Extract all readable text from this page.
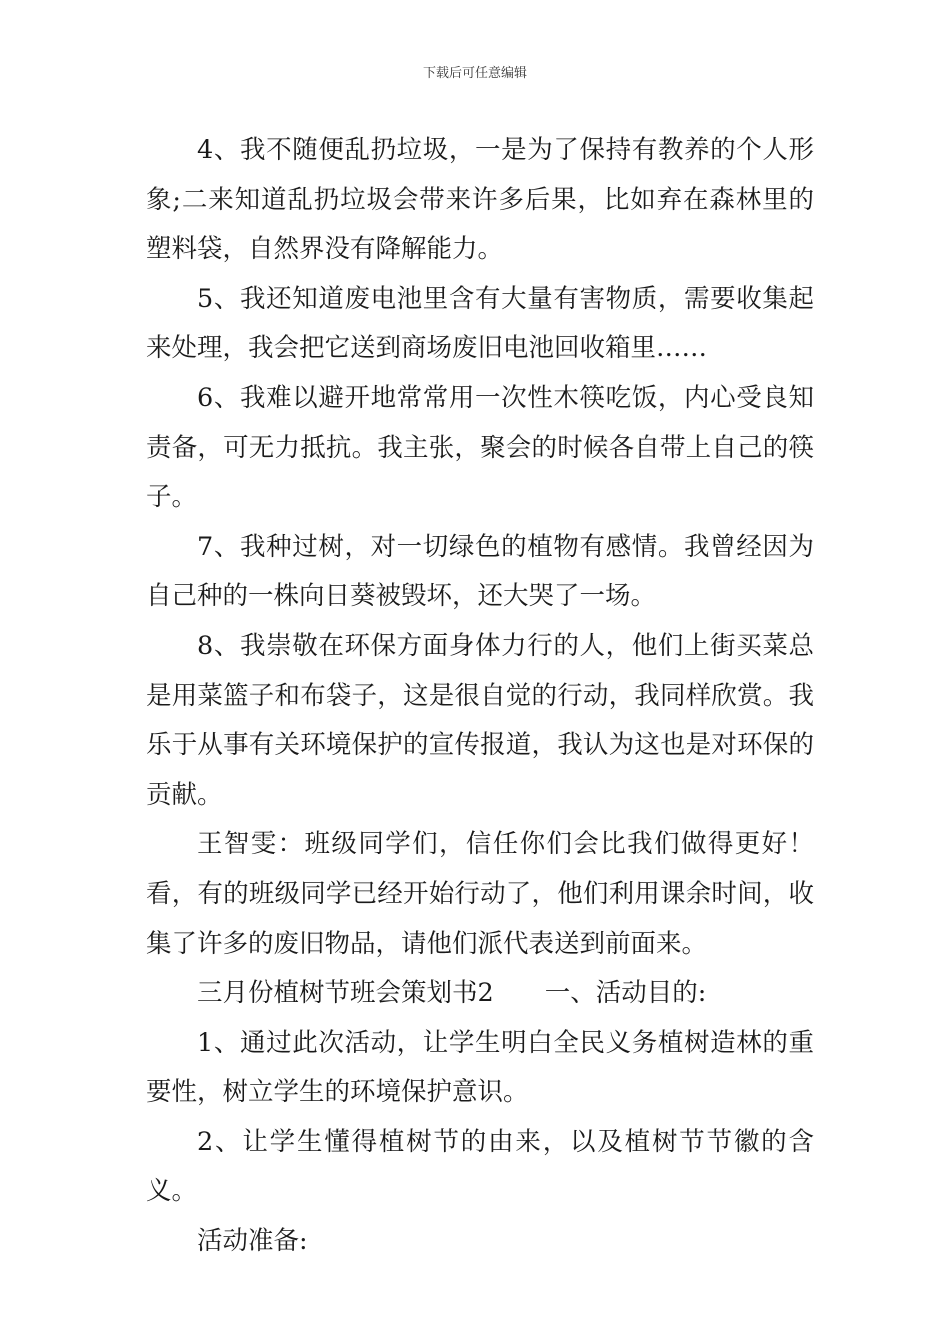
下载后可任意编辑

4、我不随便乱扔垃圾，一是为了保持有教养的个人形象;二来知道乱扔垃圾会带来许多后果，比如弃在森林里的塑料袋，自然界没有降解能力。

5、我还知道废电池里含有大量有害物质，需要收集起来处理，我会把它送到商场废旧电池回收箱里……

6、我难以避开地常常用一次性木筷吃饭，内心受良知责备，可无力抵抗。我主张，聚会的时候各自带上自己的筷子。

7、我种过树，对一切绿色的植物有感情。我曾经因为自己种的一株向日葵被毁坏，还大哭了一场。

8、我崇敬在环保方面身体力行的人，他们上街买菜总是用菜篮子和布袋子，这是很自觉的行动，我同样欣赏。我乐于从事有关环境保护的宣传报道，我认为这也是对环保的贡献。

王智雯：班级同学们，信任你们会比我们做得更好！看，有的班级同学已经开始行动了，他们利用课余时间，收集了许多的废旧物品，请他们派代表送到前面来。

三月份植树节班会策划书2　　一、活动目的:

1、通过此次活动，让学生明白全民义务植树造林的重要性，树立学生的环境保护意识。

2、让学生懂得植树节的由来，以及植树节节徽的含义。

活动准备:
